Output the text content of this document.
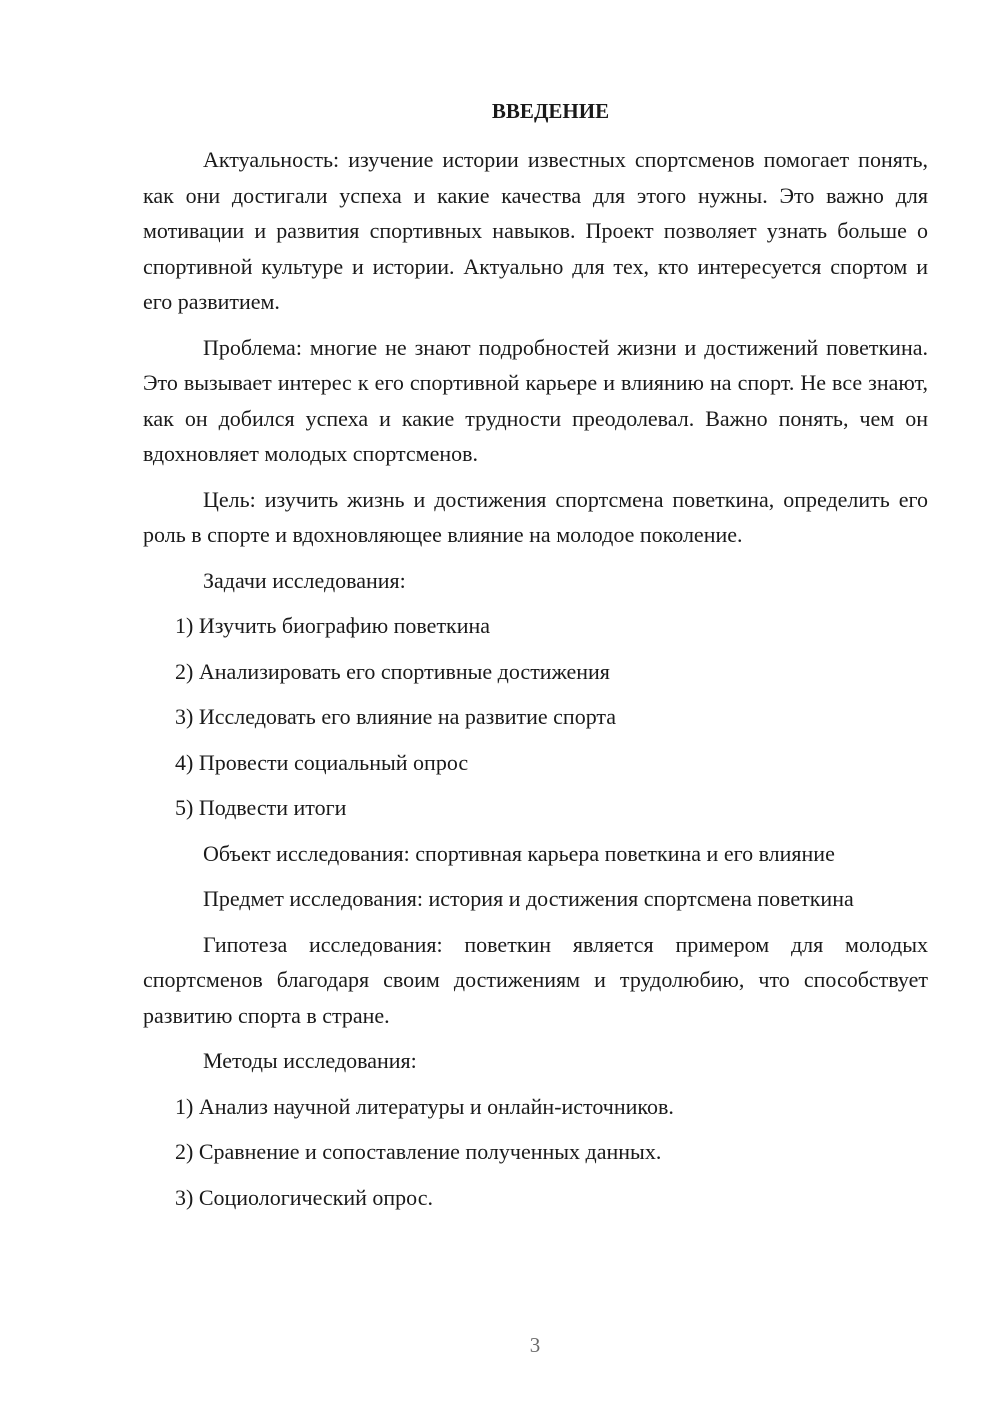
ВВЕДЕНИЕ

Актуальность: изучение истории известных спортсменов помогает понять, как они достигали успеха и какие качества для этого нужны. Это важно для мотивации и развития спортивных навыков. Проект позволяет узнать больше о спортивной культуре и истории. Актуально для тех, кто интересуется спортом и его развитием.

Проблема: многие не знают подробностей жизни и достижений поветкина. Это вызывает интерес к его спортивной карьере и влиянию на спорт. Не все знают, как он добился успеха и какие трудности преодолевал. Важно понять, чем он вдохновляет молодых спортсменов.

Цель: изучить жизнь и достижения спортсмена поветкина, определить его роль в спорте и вдохновляющее влияние на молодое поколение.

Задачи исследования:

1) Изучить биографию поветкина
2) Анализировать его спортивные достижения
3) Исследовать его влияние на развитие спорта
4) Провести социальный опрос
5) Подвести итоги

Объект исследования: спортивная карьера поветкина и его влияние

Предмет исследования: история и достижения спортсмена поветкина

Гипотеза исследования: поветкин является примером для молодых спортсменов благодаря своим достижениям и трудолюбию, что способствует развитию спорта в стране.

Методы исследования:

1) Анализ научной литературы и онлайн-источников.
2) Сравнение и сопоставление полученных данных.
3) Социологический опрос.
3
